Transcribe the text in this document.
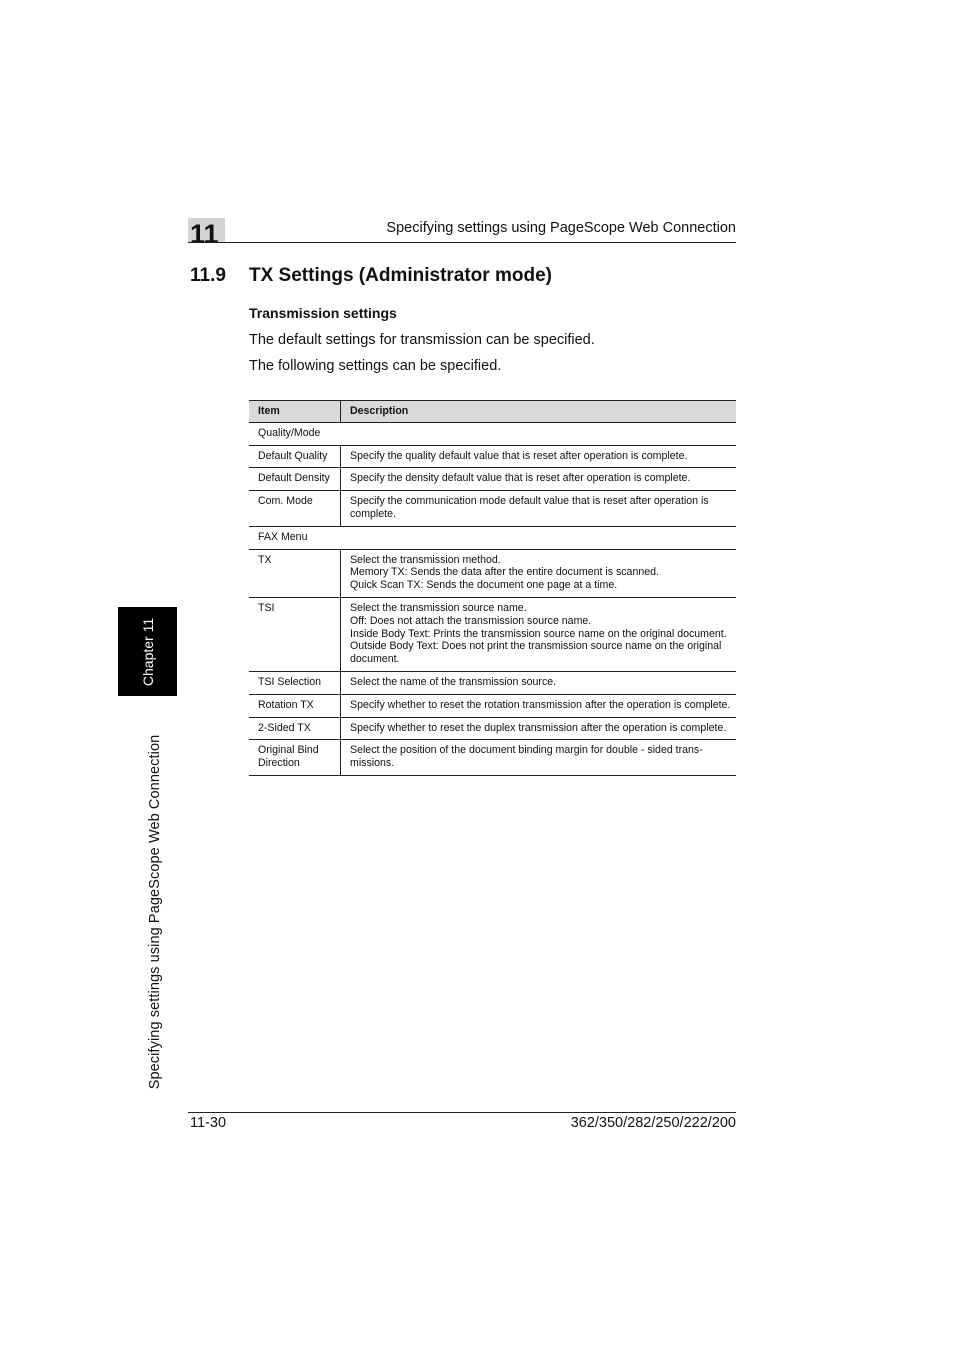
11	Specifying settings using PageScope Web Connection
11.9 TX Settings (Administrator mode)
Transmission settings
The default settings for transmission can be specified.
The following settings can be specified.
Item	Description
Quality/Mode	
Default Quality	Specify the quality default value that is reset after operation is complete.

Default Density	Specify the density default value that is reset after operation is complete.

Com. Mode	Specify the communication mode default value that is reset after operation is complete.

FAX Menu	
TX	Select the transmission method.
Memory TX: Sends the data after the entire document is scanned.
Quick Scan TX: Sends the document one page at a time.

TSI	Select the transmission source name.
Off: Does not attach the transmission source name.
Inside Body Text: Prints the transmission source name on the original document.
Outside Body Text: Does not print the transmission source name on the original document.

TSI Selection	Select the name of the transmission source.

Rotation TX	Specify whether to reset the rotation transmission after the operation is complete.

2-Sided TX	Specify whether to reset the duplex transmission after the operation is complete.

Original Bind Direction	Select the position of the document binding margin for double - sided trans-missions.
Chapter 11
Specifying settings using PageScope Web Connection
11-30	362/350/282/250/222/200
